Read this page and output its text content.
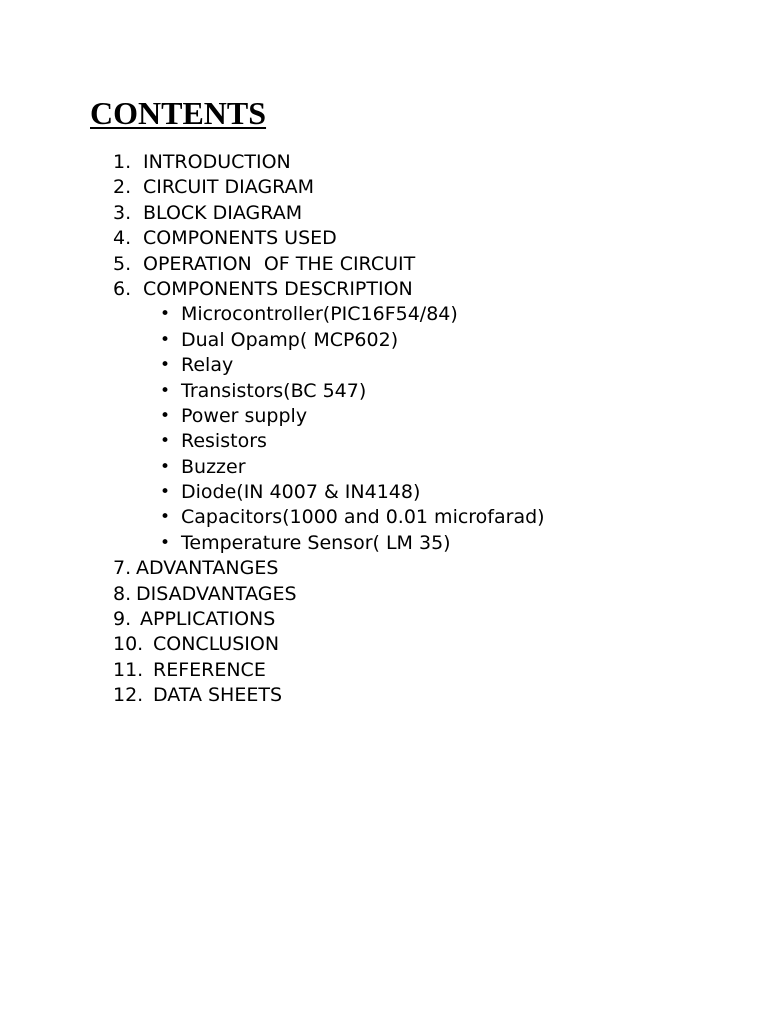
CONTENTS
1. INTRODUCTION
2. CIRCUIT DIAGRAM
3. BLOCK DIAGRAM
4. COMPONENTS USED
5. OPERATION  OF THE CIRCUIT
6. COMPONENTS DESCRIPTION
• Microcontroller(PIC16F54/84)
• Dual Opamp( MCP602)
• Relay
• Transistors(BC 547)
• Power supply
• Resistors
• Buzzer
• Diode(IN 4007 & IN4148)
• Capacitors(1000 and 0.01 microfarad)
• Temperature Sensor( LM 35)
7. ADVANTANGES
8. DISADVANTAGES
9. APPLICATIONS
10. CONCLUSION
11. REFERENCE
12. DATA SHEETS
